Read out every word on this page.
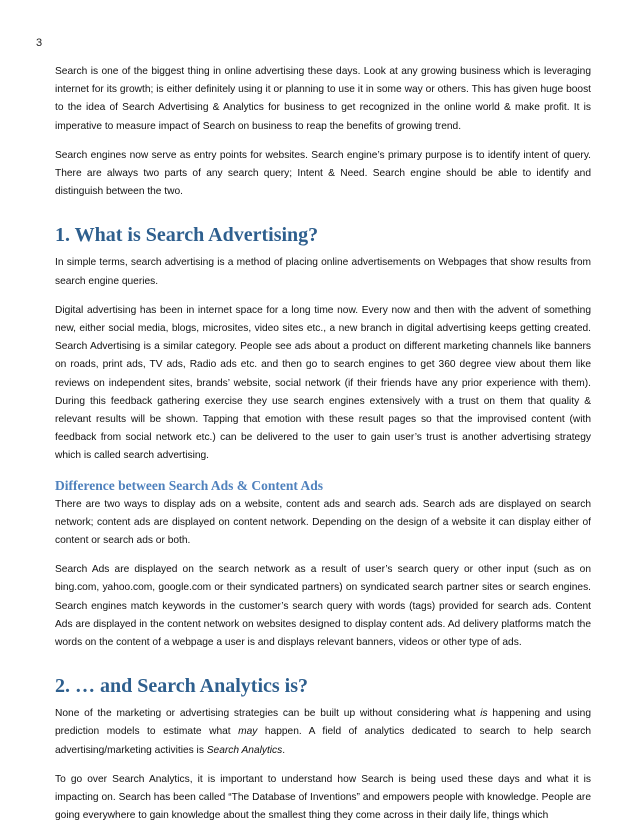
3

Search is one of the biggest thing in online advertising these days. Look at any growing business which is leveraging internet for its growth; is either definitely using it or planning to use it in some way or others. This has given huge boost to the idea of Search Advertising & Analytics for business to get recognized in the online world & make profit. It is imperative to measure impact of Search on business to reap the benefits of growing trend.

Search engines now serve as entry points for websites. Search engine’s primary purpose is to identify intent of query. There are always two parts of any search query; Intent & Need. Search engine should be able to identify and distinguish between the two.

1. What is Search Advertising?

In simple terms, search advertising is a method of placing online advertisements on Webpages that show results from search engine queries.

Digital advertising has been in internet space for a long time now. Every now and then with the advent of something new, either social media, blogs, microsites, video sites etc., a new branch in digital advertising keeps getting created. Search Advertising is a similar category. People see ads about a product on different marketing channels like banners on roads, print ads, TV ads, Radio ads etc. and then go to search engines to get 360 degree view about them like reviews on independent sites, brands’ website, social network (if their friends have any prior experience with them). During this feedback gathering exercise they use search engines extensively with a trust on them that quality & relevant results will be shown. Tapping that emotion with these result pages so that the improvised content (with feedback from social network etc.) can be delivered to the user to gain user’s trust is another advertising strategy which is called search advertising.

Difference between Search Ads & Content Ads

There are two ways to display ads on a website, content ads and search ads. Search ads are displayed on search network; content ads are displayed on content network. Depending on the design of a website it can display either of content or search ads or both.

Search Ads are displayed on the search network as a result of user’s search query or other input (such as on bing.com, yahoo.com, google.com or their syndicated partners) on syndicated search partner sites or search engines. Search engines match keywords in the customer’s search query with words (tags) provided for search ads. Content Ads are displayed in the content network on websites designed to display content ads. Ad delivery platforms match the words on the content of a webpage a user is and displays relevant banners, videos or other type of ads.

2. … and Search Analytics is?

None of the marketing or advertising strategies can be built up without considering what is happening and using prediction models to estimate what may happen. A field of analytics dedicated to search to help search advertising/marketing activities is Search Analytics.

To go over Search Analytics, it is important to understand how Search is being used these days and what it is impacting on. Search has been called “The Database of Inventions” and empowers people with knowledge. People are going everywhere to gain knowledge about the smallest thing they come across in their daily life, things which
